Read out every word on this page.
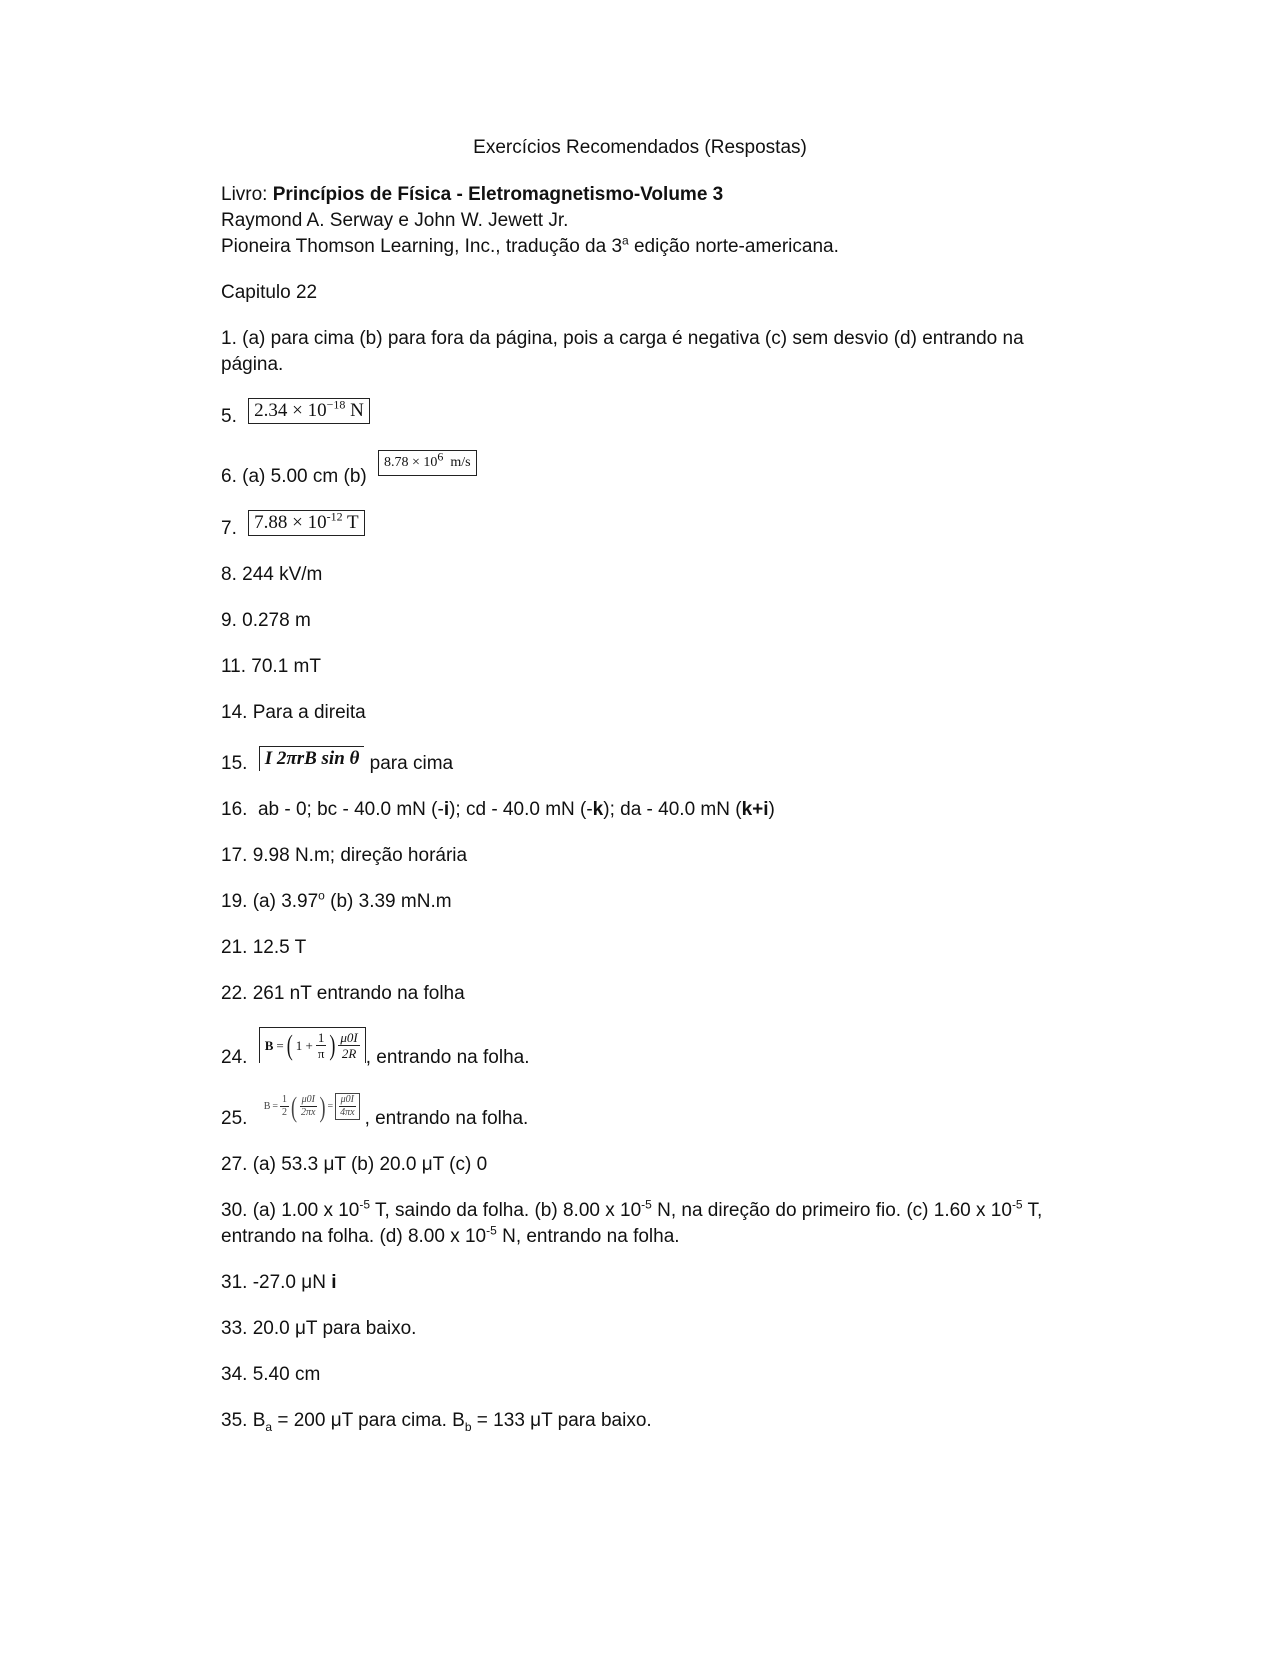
Exercícios Recomendados (Respostas)
Livro: Princípios de Física - Eletromagnetismo-Volume 3
Raymond A. Serway e John W. Jewett Jr.
Pioneira Thomson Learning, Inc., tradução da 3$^a$ edição norte-americana.
Capitulo 22
1. (a) para cima (b) para fora da página, pois a carga é negativa (c) sem desvio (d) entrando na página.
5. $2.34 \times 10^{-18}$ N
6. (a) 5.00 cm (b)
$8.78 \times 10^6$  m/s
7. $7.88 \times 10^{-12}$ T
8. 244 kV/m
9. 0.278 m
11. 70.1 mT
14. Para a direita
15. I 2πrB sin θ para cima
16.  ab - 0; bc - 40.0 mN (-i); cd - 40.0 mN (-k); da - 40.0 mN (k+i)
17. 9.98 N.m; direção horária
19. (a) 3.97$^o$ (b) 3.39 mN.m
21. 12.5 T
22. 261 nT entrando na folha
24.
B = ( $1 + \frac{1}{\pi}$ ) $\frac{\mu 0I}{2R}$ , entrando na folha.
25.
$B = \frac{1}{2}$ ( $\frac{\mu 0I}{2\pi x}$ ) = $\frac{\mu 0I}{4\pi x}$ , entrando na folha.
27. (a) 53.3 μT (b) 20.0 μT (c) 0
30. (a) 1.00 x $10^{-5}$ T, saindo da folha. (b) 8.00 x $10^{-5}$ N, na direção do primeiro fio. (c) 1.60 x $10^{-5}$ T, entrando na folha. (d) 8.00 x $10^{-5}$ N, entrando na folha.
31. -27.0 μN i
33. 20.0 μT para baixo.
34. 5.40 cm
35. $B_a = 200$ μT para cima. $B_b = 133$ μT para baixo.
